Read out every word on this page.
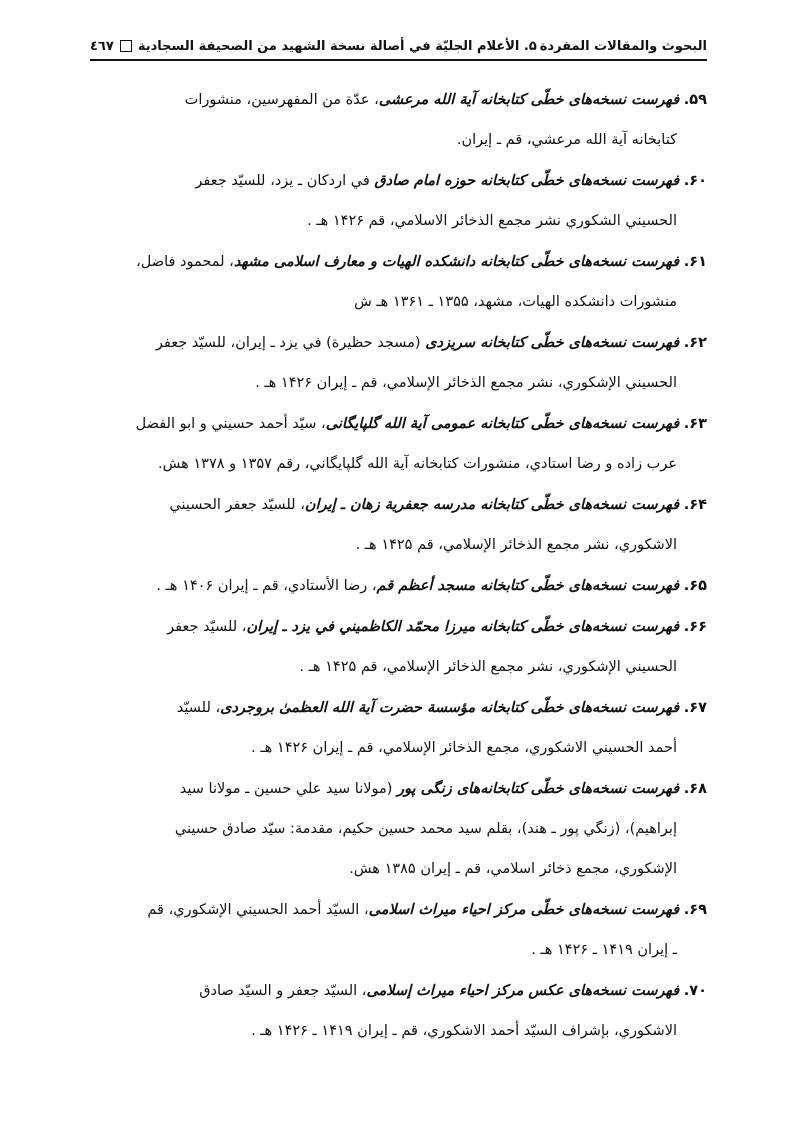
البحوث والمقالات المفردة
۵. الأعلام الجليّة في أصالة نسخة الشهيد من الصحيفة السجادية
٤٦٧
۵۹. فهرست نسخه‌های خطّی کتابخانه آیة الله مرعشی، عدّة من المفهرسين، منشورات
كتابخانه آية الله مرعشي، قم ـ إيران.
۶۰. فهرست نسخه‌های خطّی کتابخانه حوزه امام صادق في اردكان ـ يزد، للسيّد جعفر
الحسيني الشكوري نشر مجمع الذخائر الاسلامي، قم ۱۴۲۶ هـ .
۶۱. فهرست نسخه‌های خطّی کتابخانه دانشکده الهیات و معارف اسلامی مشهد، لمحمود فاضل،
منشورات دانشكده الهيات، مشهد، ۱۳۵۵ ـ ۱۳۶۱ هـ ش
۶۲. فهرست نسخه‌های خطّی کتابخانه سریزدی (مسجد حظيرة) في يزد ـ إيران، للسيّد جعفر
الحسيني الإشكوري، نشر مجمع الذخائر الإسلامي، قم ـ إيران ۱۴۲۶ هـ .
۶۳. فهرست نسخه‌های خطّی کتابخانه عمومی آیة الله گلپایگانی، سيّد أحمد حسيني و ابو الفضل
عرب زاده و رضا استادي، منشورات كتابخانه آية الله گلپايگاني، رقم ۱۳۵۷ و ۱۳۷۸ هش.
۶۴. فهرست نسخه‌های خطّی کتابخانه مدرسه جعفریة زهان ـ إیران، للسيّد جعفر الحسيني
الاشكوري، نشر مجمع الذخائر الإسلامي، قم ۱۴۲۵ هـ .
۶۵. فهرست نسخه‌های خطّی کتابخانه مسجد أعظم قم، رضا الأستادي، قم ـ إيران ۱۴۰۶ هـ .
۶۶. فهرست نسخه‌های خطّی کتابخانه میرزا محمّد الکاظمیني في یزد ـ إیران، للسيّد جعفر
الحسيني الإشكوري، نشر مجمع الذخائر الإسلامي، قم ۱۴۲۵ هـ .
۶۷. فهرست نسخه‌های خطّی کتابخانه مؤسسة حضرت آیة الله العظمیٰ بروجردی، للسيّد
أحمد الحسيني الاشكوري، مجمع الذخائر الإسلامي، قم ـ إيران ۱۴۲۶ هـ .
۶۸. فهرست نسخه‌های خطّی کتابخانه‌های زنگی پور (مولانا سيد علي حسين ـ مولانا سيد
إبراهيم)، (زنگي پور ـ هند)، بقلم سيد محمد حسين حكيم، مقدمة: سيّد صادق حسيني
الإشكوري، مجمع ذخائر اسلامي، قم ـ إيران ۱۳۸۵ هش.
۶۹. فهرست نسخه‌های خطّی مرکز احیاء میراث اسلامی، السيّد أحمد الحسيني الإشكوري، قم
ـ إيران ۱۴۱۹ ـ ۱۴۲۶ هـ .
۷۰. فهرست نسخه‌های عکس مرکز احیاء میراث إسلامی، السيّد جعفر و السيّد صادق
الاشكوري، بإشراف السيّد أحمد الاشكوري، قم ـ إيران ۱۴۱۹ ـ ۱۴۲۶ هـ .
